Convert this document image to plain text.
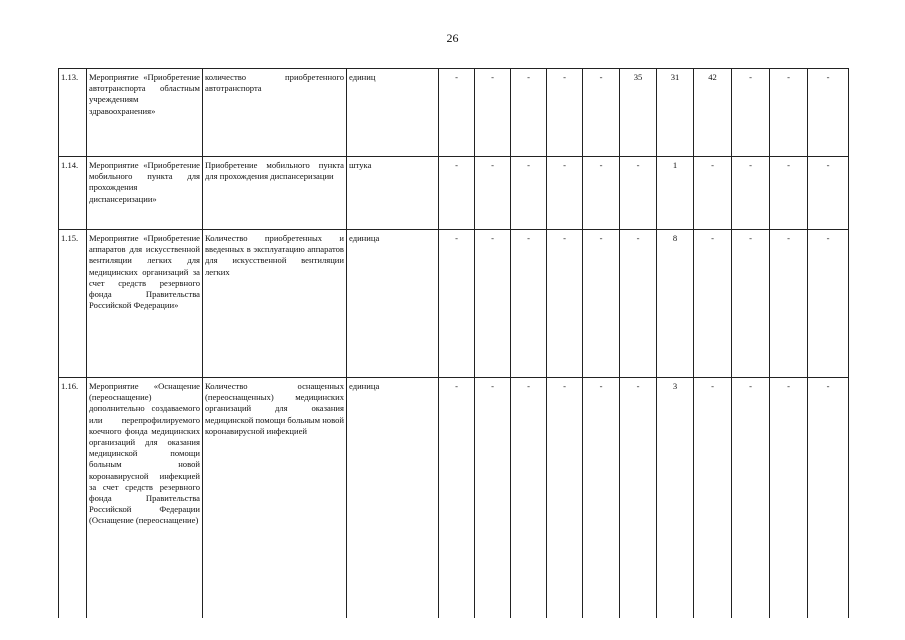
26
1.13.	Мероприятие «Приобретение автотранспорта областным учреждениям здравоохранения»	количество приобретенного автотранспорта	единиц	-	-	-	-	-	35	31	42	-	-	-
1.14.	Мероприятие «Приобретение мобильного пункта для прохождения диспансеризации»	Приобретение мобильного пункта для прохождения диспансеризации	штука	-	-	-	-	-	-	1	-	-	-	-
1.15.	Мероприятие «Приобретение аппаратов для искусственной вентиляции легких для медицинских организаций за счет средств резервного фонда Правительства Российской Федерации»	Количество приобретенных и введенных в эксплуатацию аппаратов для искусственной вентиляции легких	единица	-	-	-	-	-	-	8	-	-	-	-
1.16.	Мероприятие «Оснащение (переоснащение) дополнительно создаваемого или перепрофилируемого коечного фонда медицинских организаций для оказания медицинской помощи больным новой коронавирусной инфекцией за счет средств резервного фонда Правительства Российской Федерации (Оснащение (переоснащение)	Количество оснащенных (переоснащенных) медицинских организаций для оказания медицинской помощи больным новой коронавирусной инфекцией	единица	-	-	-	-	-	-	3	-	-	-	-
